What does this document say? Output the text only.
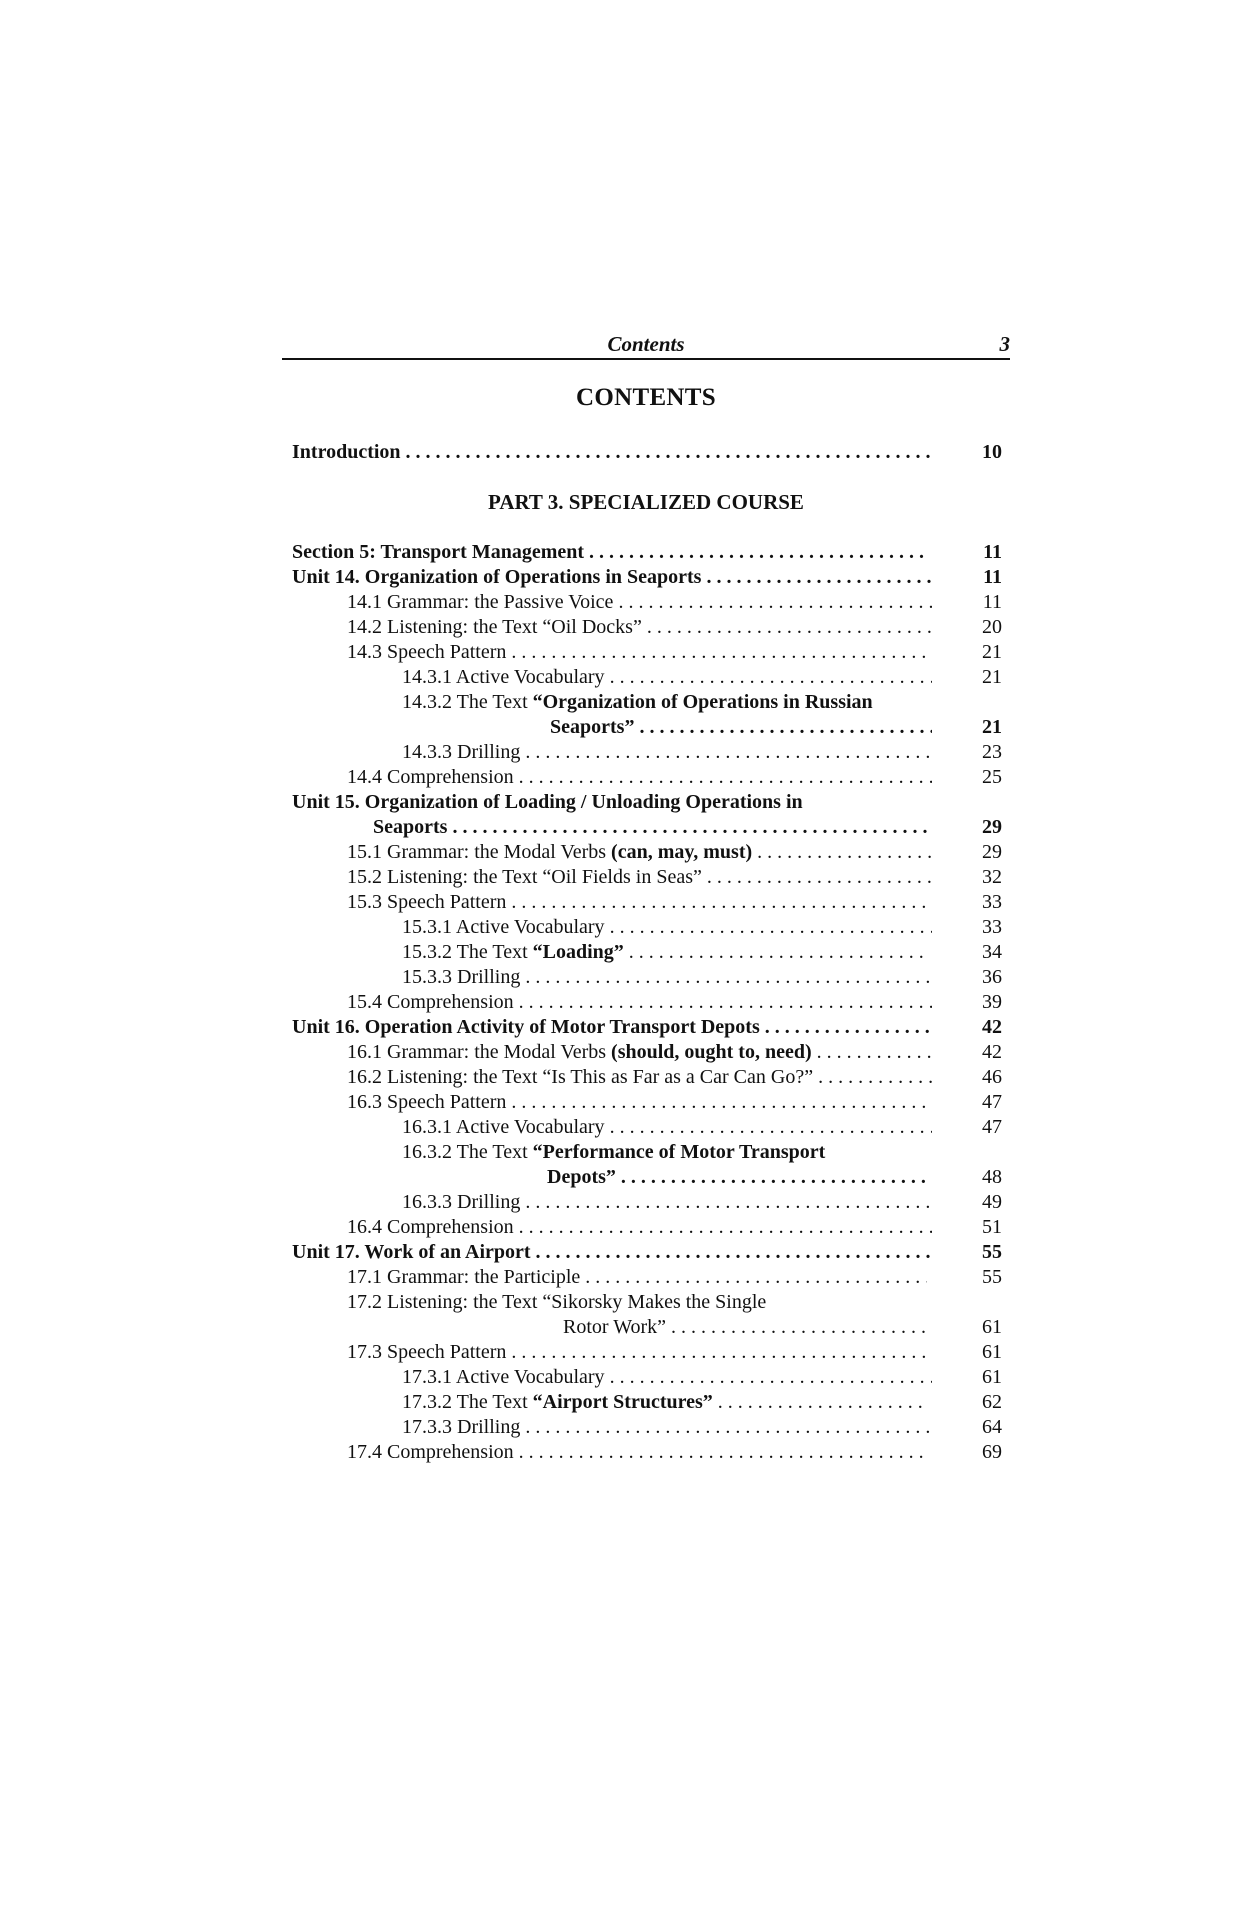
Contents	3
CONTENTS
Introduction . . .	10
PART 3. SPECIALIZED COURSE
Section 5: Transport Management . . .	11
Unit 14. Organization of Operations in Seaports . . .	11
14.1 Grammar: the Passive Voice . . .	11
14.2 Listening: the Text “Oil Docks” . . .	20
14.3 Speech Pattern . . .	21
14.3.1 Active Vocabulary . . .	21
14.3.2 The Text “Organization of Operations in Russian
Seaports” . . .	21
14.3.3 Drilling . . .	23
14.4 Comprehension . . .	25
Unit 15. Organization of Loading / Unloading Operations in
Seaports . . .	29
15.1 Grammar: the Modal Verbs (can, may, must) . . .	29
15.2 Listening: the Text “Oil Fields in Seas” . . .	32
15.3 Speech Pattern . . .	33
15.3.1 Active Vocabulary . . .	33
15.3.2 The Text “Loading” . . .	34
15.3.3 Drilling . . .	36
15.4 Comprehension . . .	39
Unit 16. Operation Activity of Motor Transport Depots . . .	42
16.1 Grammar: the Modal Verbs (should, ought to, need) . . .	42
16.2 Listening: the Text “Is This as Far as a Car Can Go?” . . .	46
16.3 Speech Pattern . . .	47
16.3.1 Active Vocabulary . . .	47
16.3.2 The Text “Performance of Motor Transport
Depots” . . .	48
16.3.3 Drilling . . .	49
16.4 Comprehension . . .	51
Unit 17. Work of an Airport . . .	55
17.1 Grammar: the Participle . . .	55
17.2 Listening: the Text “Sikorsky Makes the Single
Rotor Work” . . .	61
17.3 Speech Pattern . . .	61
17.3.1 Active Vocabulary . . .	61
17.3.2 The Text “Airport Structures” . . .	62
17.3.3 Drilling . . .	64
17.4 Comprehension . . .	69
